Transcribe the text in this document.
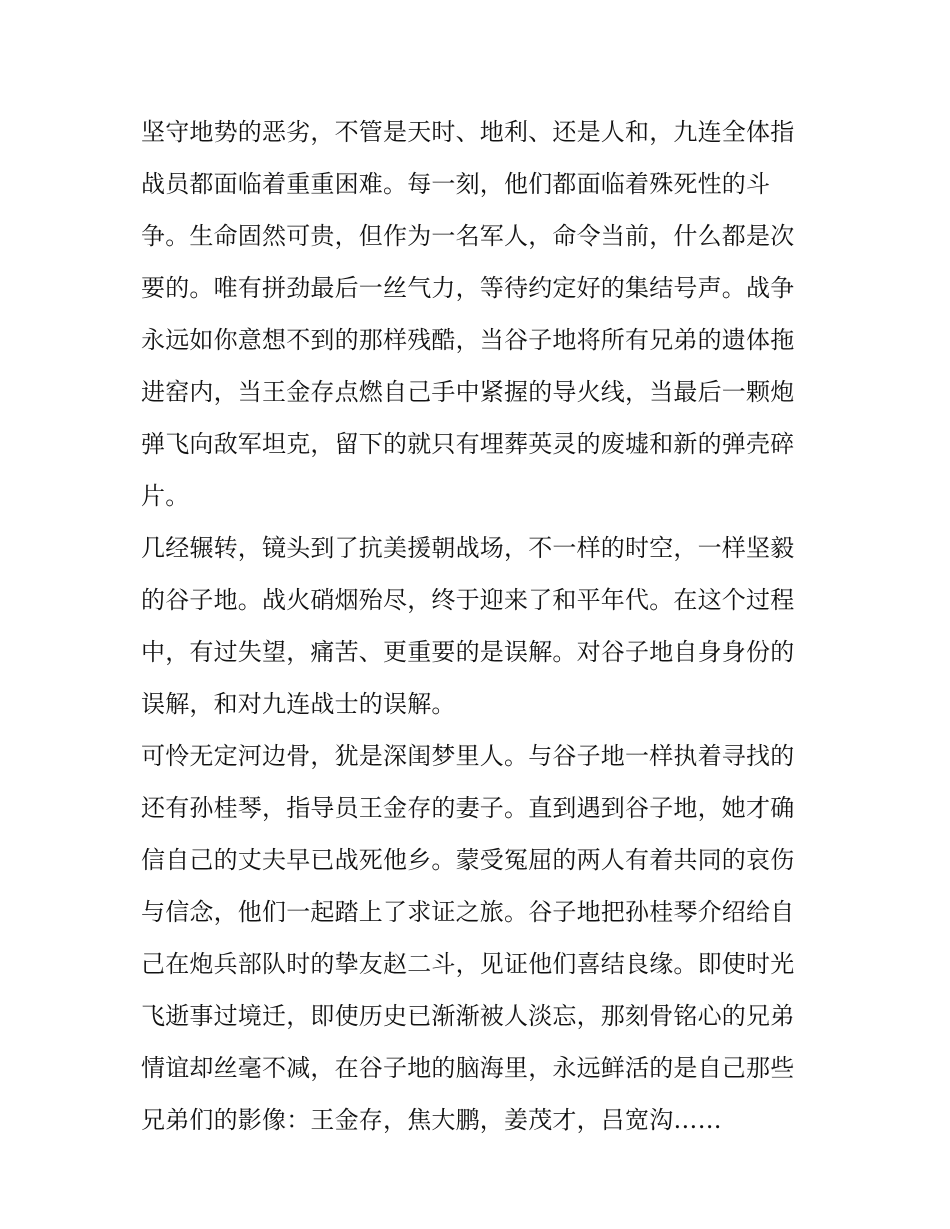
坚守地势的恶劣，不管是天时、地利、还是人和，九连全体指
战员都面临着重重困难。每一刻，他们都面临着殊死性的斗
争。生命固然可贵，但作为一名军人，命令当前，什么都是次
要的。唯有拼劲最后一丝气力，等待约定好的集结号声。战争
永远如你意想不到的那样残酷，当谷子地将所有兄弟的遗体拖
进窑内，当王金存点燃自己手中紧握的导火线，当最后一颗炮
弹飞向敌军坦克，留下的就只有埋葬英灵的废墟和新的弹壳碎
片。
几经辗转，镜头到了抗美援朝战场，不一样的时空，一样坚毅
的谷子地。战火硝烟殆尽，终于迎来了和平年代。在这个过程
中，有过失望，痛苦、更重要的是误解。对谷子地自身身份的
误解，和对九连战士的误解。
可怜无定河边骨，犹是深闺梦里人。与谷子地一样执着寻找的
还有孙桂琴，指导员王金存的妻子。直到遇到谷子地，她才确
信自己的丈夫早已战死他乡。蒙受冤屈的两人有着共同的哀伤
与信念，他们一起踏上了求证之旅。谷子地把孙桂琴介绍给自
己在炮兵部队时的挚友赵二斗，见证他们喜结良缘。即使时光
飞逝事过境迁，即使历史已渐渐被人淡忘，那刻骨铭心的兄弟
情谊却丝毫不减，在谷子地的脑海里，永远鲜活的是自己那些
兄弟们的影像：王金存，焦大鹏，姜茂才，吕宽沟……
